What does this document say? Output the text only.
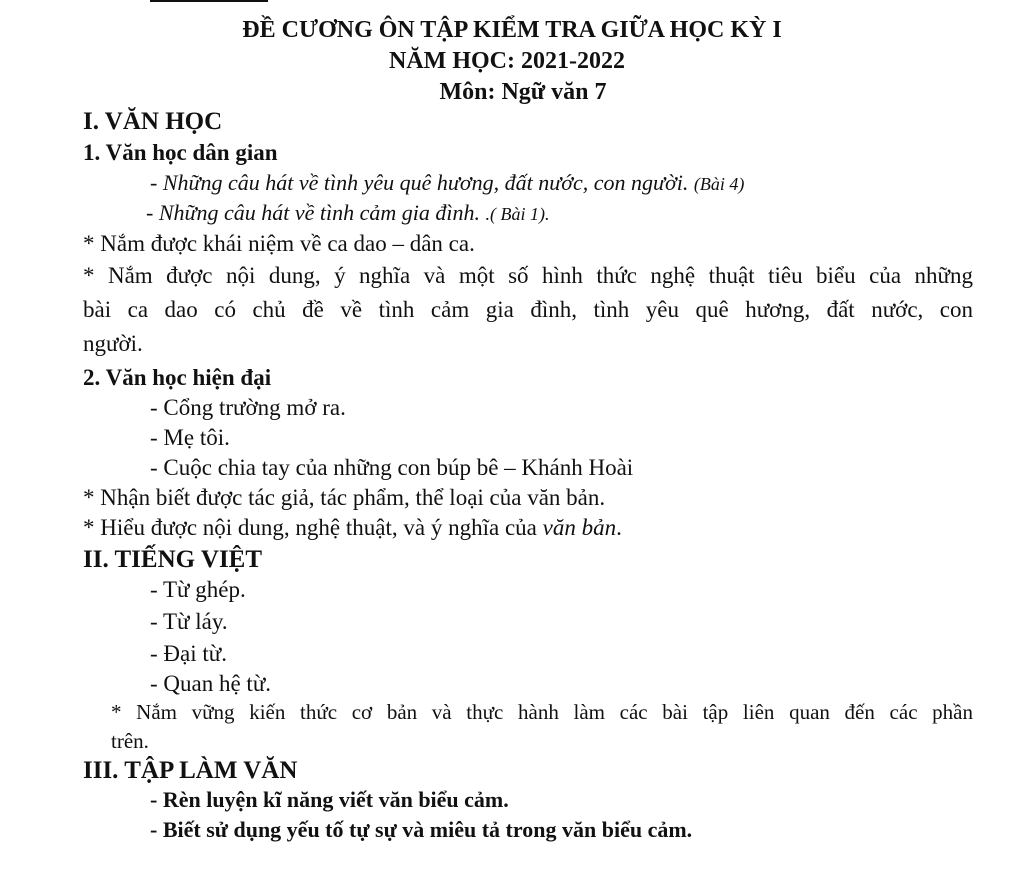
ĐỀ CƯƠNG ÔN TẬP KIỂM TRA GIỮA HỌC KỲ I
NĂM HỌC: 2021-2022
Môn: Ngữ văn 7
I. VĂN HỌC
1. Văn học dân gian
- Những câu hát về tình yêu quê hương, đất nước, con người. (Bài 4)
- Những câu hát về tình cảm gia đình. .( Bài 1).
* Nắm được khái niệm về ca dao – dân ca.
* Nắm được nội dung, ý nghĩa và một số hình thức nghệ thuật tiêu biểu của những
bài ca dao có chủ đề về tình cảm gia đình, tình yêu quê hương, đất nước, con
người.
2. Văn học hiện đại
- Cổng trường mở ra.
- Mẹ tôi.
- Cuộc chia tay của những con búp bê – Khánh Hoài
* Nhận biết được tác giả, tác phẩm, thể loại của văn bản.
* Hiểu được nội dung, nghệ thuật, và ý nghĩa của văn bản.
II. TIẾNG VIỆT
- Từ ghép.
- Từ láy.
- Đại từ.
- Quan hệ từ.
* Nắm vững kiến thức cơ bản và thực hành làm các bài tập liên quan đến các phần
trên.
III. TẬP LÀM VĂN
- Rèn luyện kĩ năng viết văn biểu cảm.
- Biết sử dụng yếu tố tự sự và miêu tả trong văn biểu cảm.
